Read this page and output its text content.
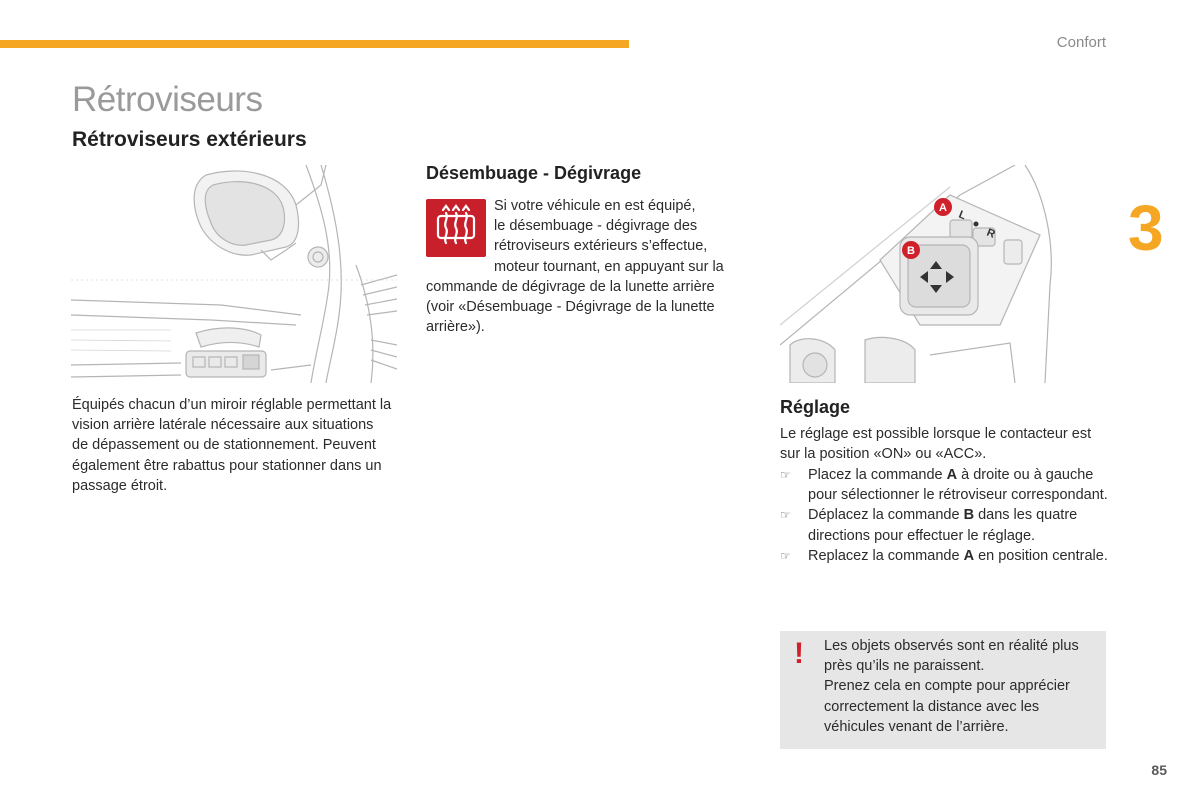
Confort
3
Rétroviseurs
Rétroviseurs extérieurs
Équipés chacun d’un miroir réglable permettant la vision arrière latérale nécessaire aux situations de dépassement ou de stationnement. Peuvent également être rabattus pour stationner dans un passage étroit.
Désembuage - Dégivrage
Si votre véhicule en est équipé,
le désembuage - dégivrage des
rétroviseurs extérieurs s’effectue,
moteur tournant, en appuyant sur la
commande de dégivrage de la lunette arrière (voir «Désembuage - Dégivrage de la lunette arrière»).
L
R
A
B
Réglage
Le réglage est possible lorsque le contacteur est sur la position «ON» ou «ACC».
☞ Placez la commande A à droite ou à gauche pour sélectionner le rétroviseur correspondant.
☞ Déplacez la commande B dans les quatre directions pour effectuer le réglage.
☞ Replacez la commande A en position centrale.
! Les objets observés sont en réalité plus près qu’ils ne paraissent.
Prenez cela en compte pour apprécier correctement la distance avec les véhicules venant de l’arrière.
85
